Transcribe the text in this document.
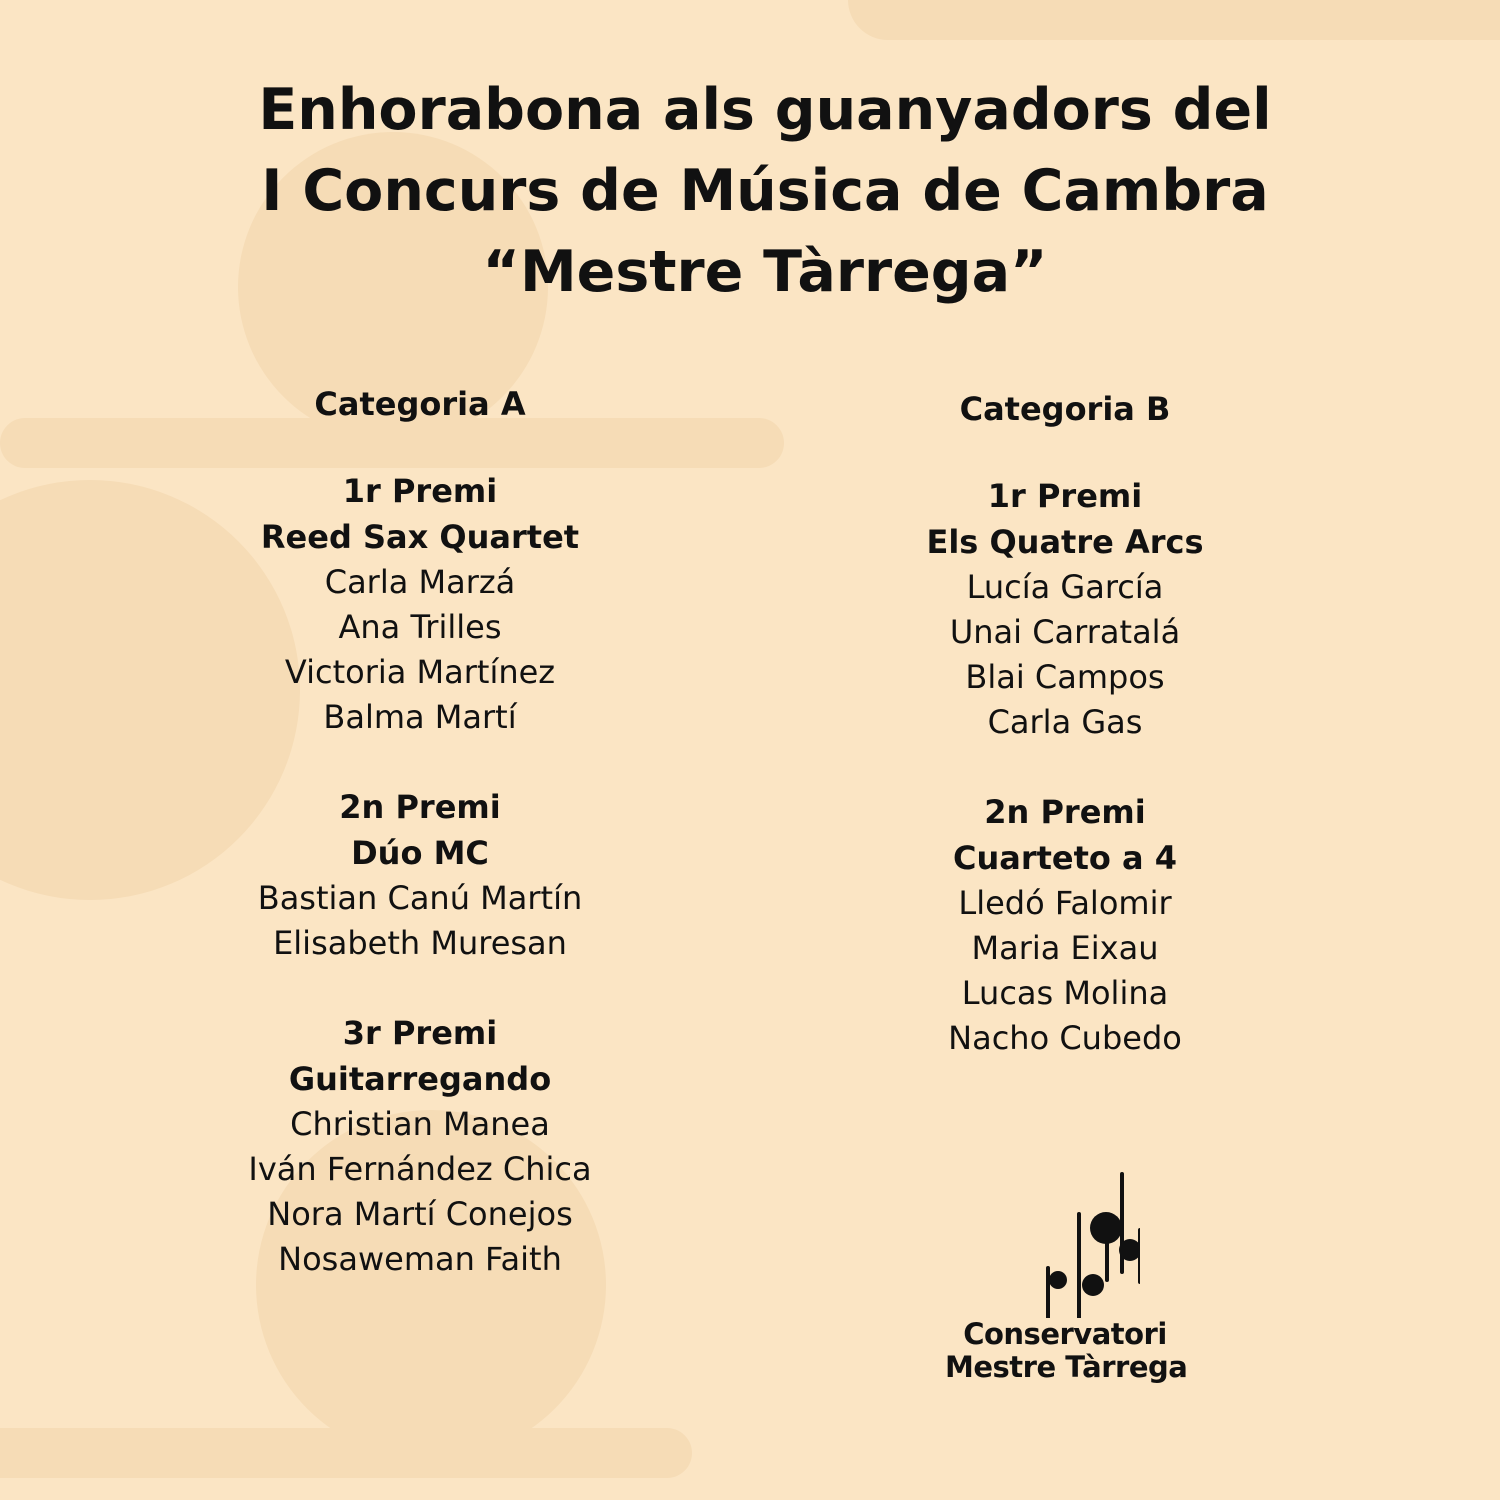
Enhorabona als guanyadors del
I Concurs de Música de Cambra
“Mestre Tàrrega”
Categoria A
1r Premi
Reed Sax Quartet
Carla Marzá
Ana Trilles
Victoria Martínez
Balma Martí
2n Premi
Dúo MC
Bastian Canú Martín
Elisabeth Muresan
3r Premi
Guitarregando
Christian Manea
Iván Fernández Chica
Nora Martí Conejos
Nosaweman Faith
Categoria B
1r Premi
Els Quatre Arcs
Lucía García
Unai Carratalá
Blai Campos
Carla Gas
2n Premi
Cuarteto a 4
Lledó Falomir
Maria Eixau
Lucas Molina
Nacho Cubedo
Conservatori
Mestre Tàrrega
